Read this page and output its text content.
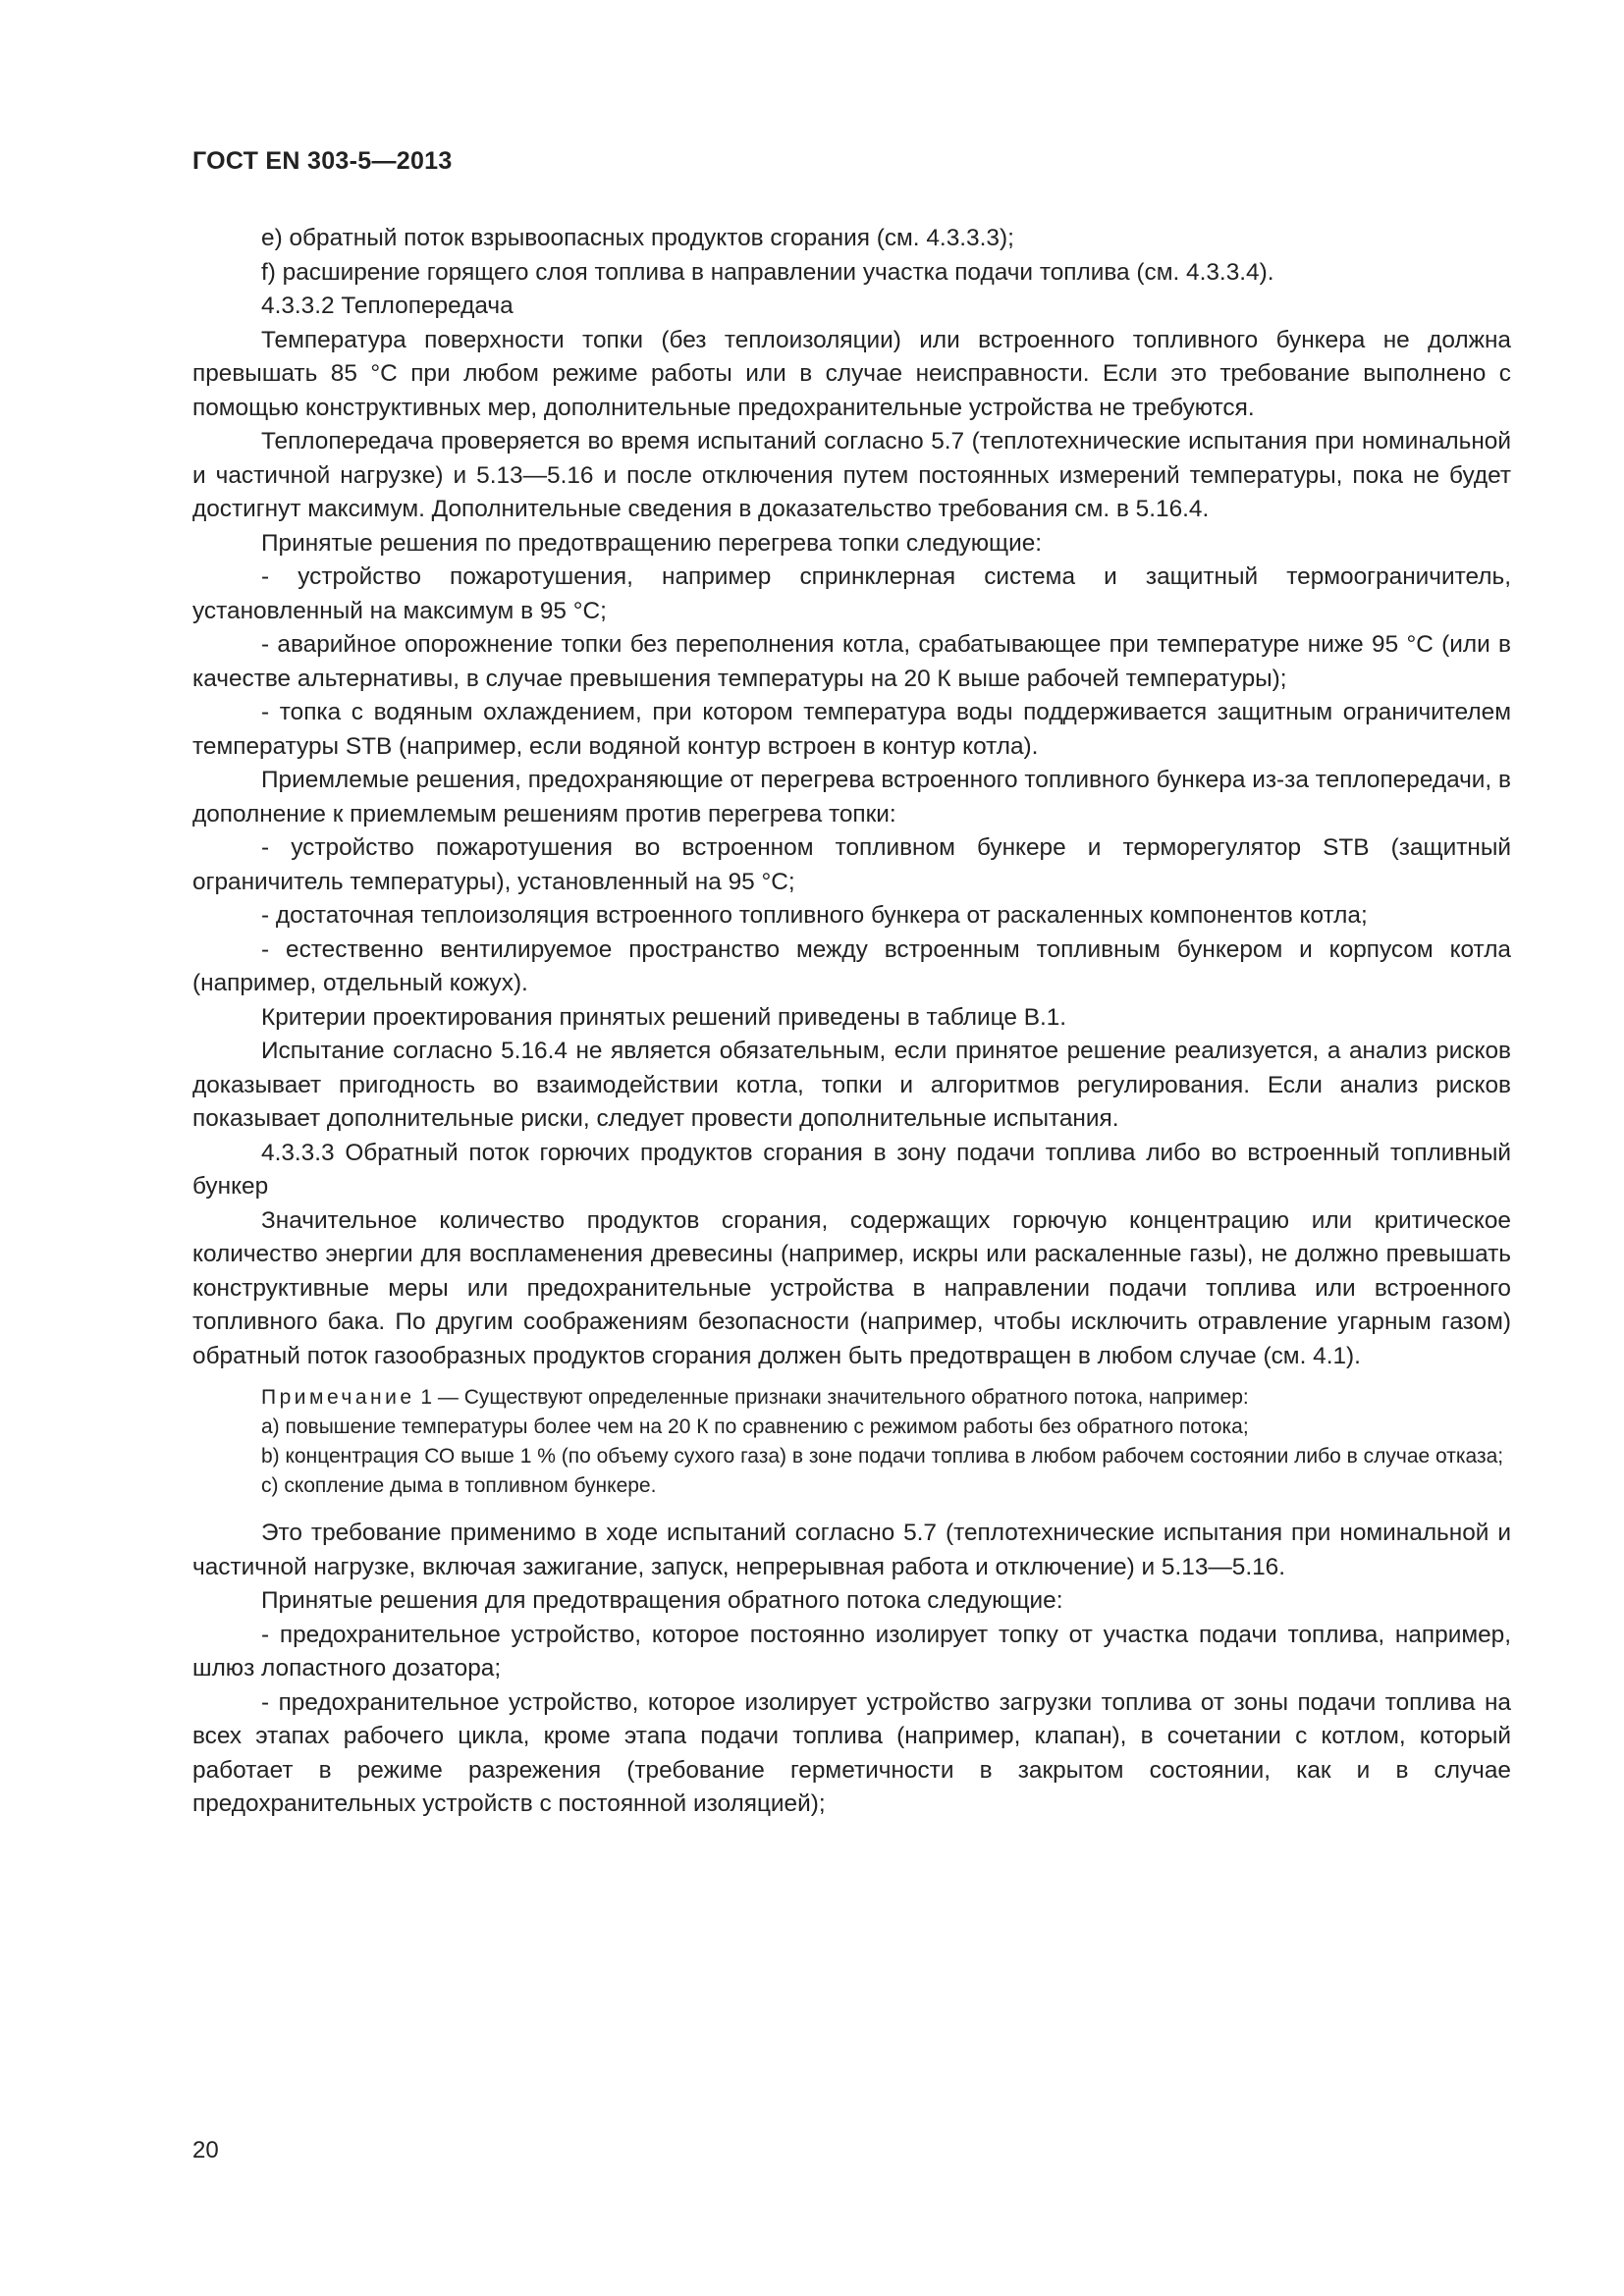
ГОСТ EN 303-5—2013

е) обратный поток взрывоопасных продуктов сгорания (см. 4.3.3.3);

f) расширение горящего слоя топлива в направлении участка подачи топлива (см. 4.3.3.4).

4.3.3.2 Теплопередача

Температура поверхности топки (без теплоизоляции) или встроенного топливного бункера не должна превышать 85 °С при любом режиме работы или в случае неисправности. Если это требование выполнено с помощью конструктивных мер, дополнительные предохранительные устройства не требуются.

Теплопередача проверяется во время испытаний согласно 5.7 (теплотехнические испытания при номинальной и частичной нагрузке) и 5.13—5.16 и после отключения путем постоянных измерений температуры, пока не будет достигнут максимум. Дополнительные сведения в доказательство требования см. в 5.16.4.

Принятые решения по предотвращению перегрева топки следующие:

- устройство пожаротушения, например спринклерная система и защитный термоограничитель, установленный на максимум в 95 °С;

- аварийное опорожнение топки без переполнения котла, срабатывающее при температуре ниже 95 °С (или в качестве альтернативы, в случае превышения температуры на 20 К выше рабочей температуры);

- топка с водяным охлаждением, при котором температура воды поддерживается защитным ограничителем температуры STB (например, если водяной контур встроен в контур котла).

Приемлемые решения, предохраняющие от перегрева встроенного топливного бункера из-за теплопередачи, в дополнение к приемлемым решениям против перегрева топки:

- устройство пожаротушения во встроенном топливном бункере и терморегулятор STB (защитный ограничитель температуры), установленный на 95 °С;

- достаточная теплоизоляция встроенного топливного бункера от раскаленных компонентов котла;

- естественно вентилируемое пространство между встроенным топливным бункером и корпусом котла (например, отдельный кожух).

Критерии проектирования принятых решений приведены в таблице В.1.

Испытание согласно 5.16.4 не является обязательным, если принятое решение реализуется, а анализ рисков доказывает пригодность во взаимодействии котла, топки и алгоритмов регулирования. Если анализ рисков показывает дополнительные риски, следует провести дополнительные испытания.

4.3.3.3 Обратный поток горючих продуктов сгорания в зону подачи топлива либо во встроенный топливный бункер

Значительное количество продуктов сгорания, содержащих горючую концентрацию или критическое количество энергии для воспламенения древесины (например, искры или раскаленные газы), не должно превышать конструктивные меры или предохранительные устройства в направлении подачи топлива или встроенного топливного бака. По другим соображениям безопасности (например, чтобы исключить отравление угарным газом) обратный поток газообразных продуктов сгорания должен быть предотвращен в любом случае (см. 4.1).

Примечание 1 — Существуют определенные признаки значительного обратного потока, например:

а) повышение температуры более чем на 20 К по сравнению с режимом работы без обратного потока;

b) концентрация СО выше 1 % (по объему сухого газа) в зоне подачи топлива в любом рабочем состоянии либо в случае отказа;

с) скопление дыма в топливном бункере.

Это требование применимо в ходе испытаний согласно 5.7 (теплотехнические испытания при номинальной и частичной нагрузке, включая зажигание, запуск, непрерывная работа и отключение) и 5.13—5.16.

Принятые решения для предотвращения обратного потока следующие:

- предохранительное устройство, которое постоянно изолирует топку от участка подачи топлива, например, шлюз лопастного дозатора;

- предохранительное устройство, которое изолирует устройство загрузки топлива от зоны подачи топлива на всех этапах рабочего цикла, кроме этапа подачи топлива (например, клапан), в сочетании с котлом, который работает в режиме разрежения (требование герметичности в закрытом состоянии, как и в случае предохранительных устройств с постоянной изоляцией);

20
